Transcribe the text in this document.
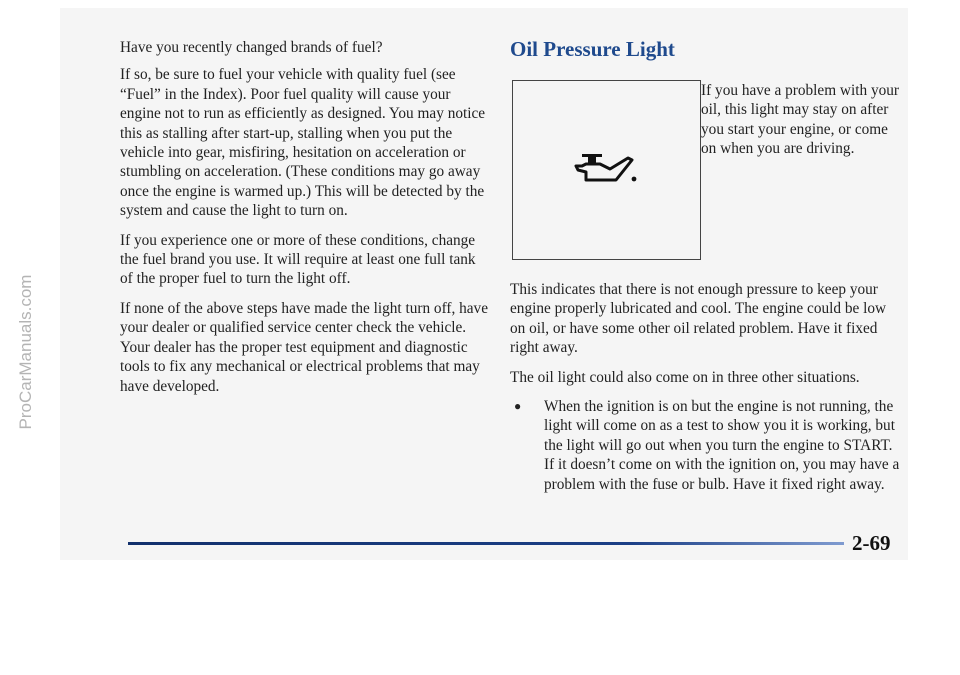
ProCarManuals.com

Have you recently changed brands of fuel?

If so, be sure to fuel your vehicle with quality fuel (see “Fuel” in the Index). Poor fuel quality will cause your engine not to run as efficiently as designed. You may notice this as stalling after start-up, stalling when you put the vehicle into gear, misfiring, hesitation on acceleration or stumbling on acceleration. (These conditions may go away once the engine is warmed up.) This will be detected by the system and cause the light to turn on.

If you experience one or more of these conditions, change the fuel brand you use. It will require at least one full tank of the proper fuel to turn the light off.

If none of the above steps have made the light turn off, have your dealer or qualified service center check the vehicle. Your dealer has the proper test equipment and diagnostic tools to fix any mechanical or electrical problems that may have developed.

Oil Pressure Light

If you have a problem with your oil, this light may stay on after you start your engine, or come on when you are driving.

This indicates that there is not enough pressure to keep your engine properly lubricated and cool. The engine could be low on oil, or have some other oil related problem. Have it fixed right away.

The oil light could also come on in three other situations.

●	When the ignition is on but the engine is not running, the light will come on as a test to show you it is working, but the light will go out when you turn the engine to START. If it doesn’t come on with the ignition on, you may have a problem with the fuse or bulb. Have it fixed right away.
2-69
